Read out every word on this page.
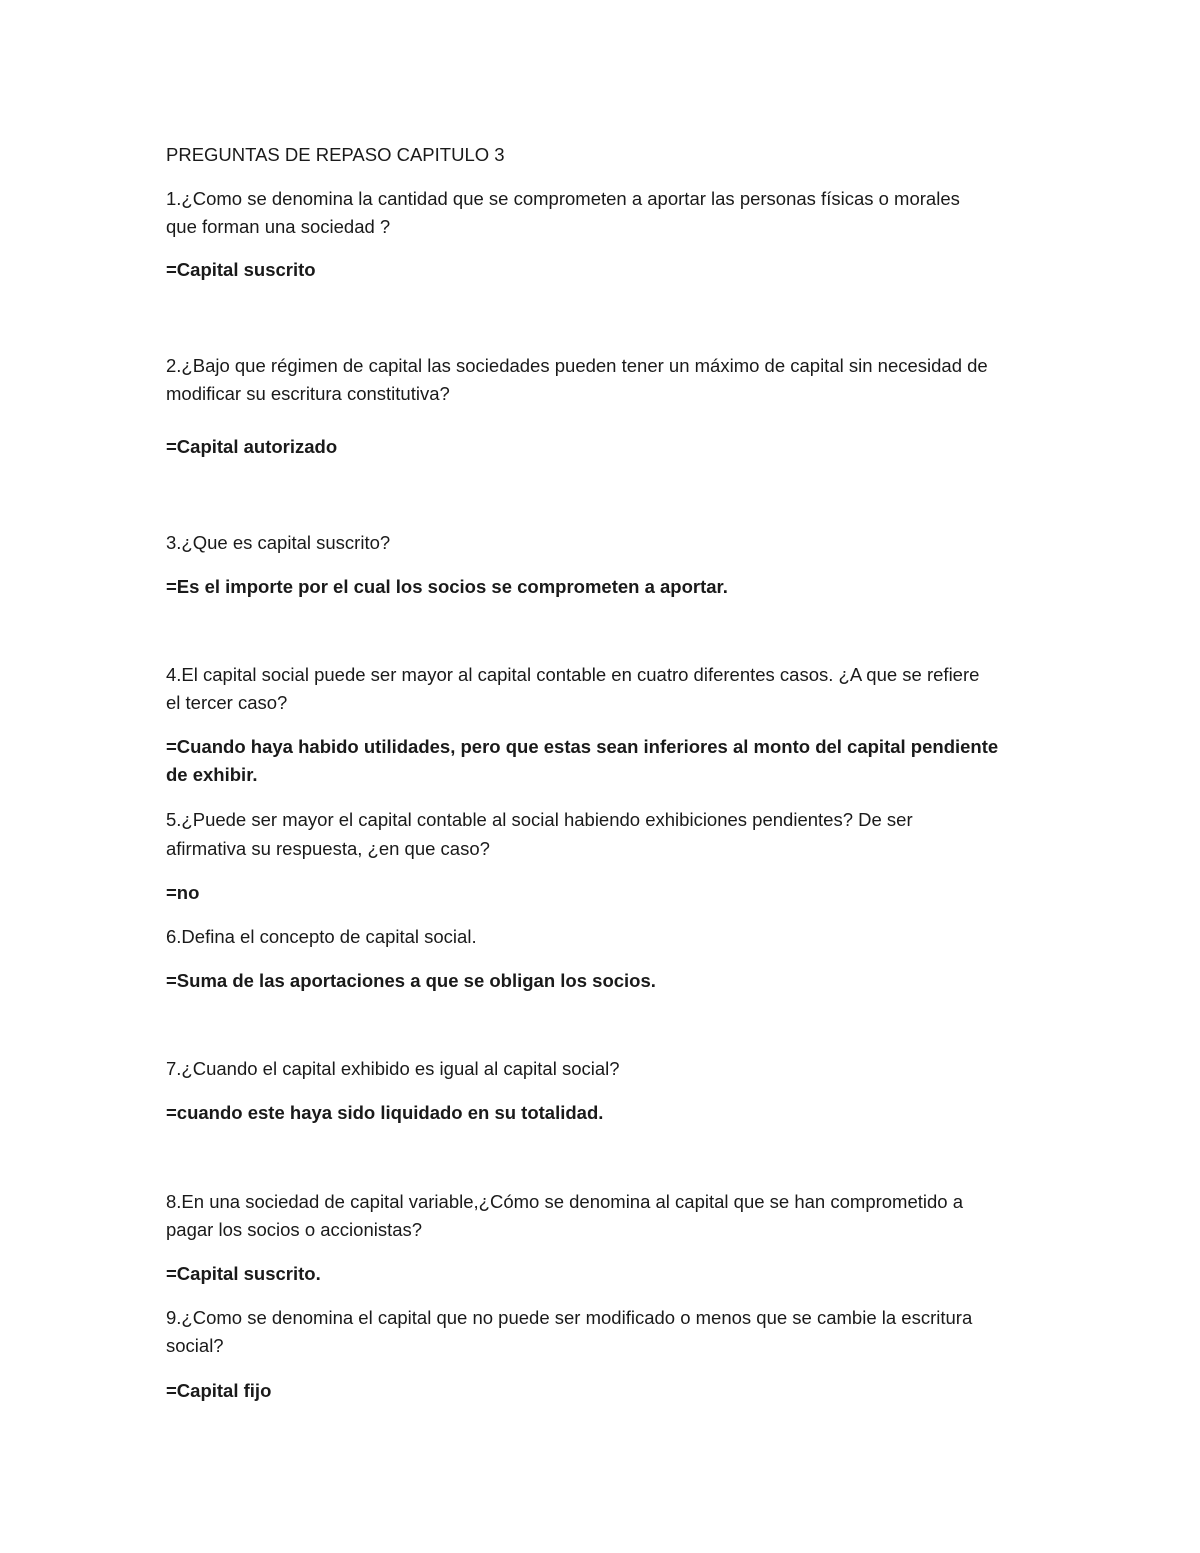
PREGUNTAS DE REPASO CAPITULO 3
1.¿Como se denomina la cantidad que se comprometen a aportar las personas físicas o morales
que forman una sociedad ?
=Capital suscrito
2.¿Bajo que régimen de capital las sociedades pueden tener un máximo de capital sin necesidad de
modificar su escritura constitutiva?
=Capital autorizado
3.¿Que es capital suscrito?
=Es el importe por el cual los socios se comprometen a aportar.
4.El capital social puede ser mayor al capital contable en cuatro diferentes casos. ¿A que se refiere
el tercer caso?
=Cuando haya habido utilidades, pero que estas sean inferiores al monto del capital pendiente
de exhibir.
5.¿Puede ser mayor el capital contable al social habiendo exhibiciones pendientes? De ser
afirmativa su respuesta, ¿en que caso?
=no
6.Defina el concepto de capital social.
=Suma de las aportaciones a que se obligan los socios.
7.¿Cuando el capital exhibido es igual al capital social?
=cuando este haya sido liquidado en su totalidad.
8.En una sociedad de capital variable,¿Cómo se denomina al capital que se han comprometido a
pagar los socios o accionistas?
=Capital suscrito.
9.¿Como se denomina el capital que no puede ser modificado o menos que se cambie la escritura
social?
=Capital fijo
